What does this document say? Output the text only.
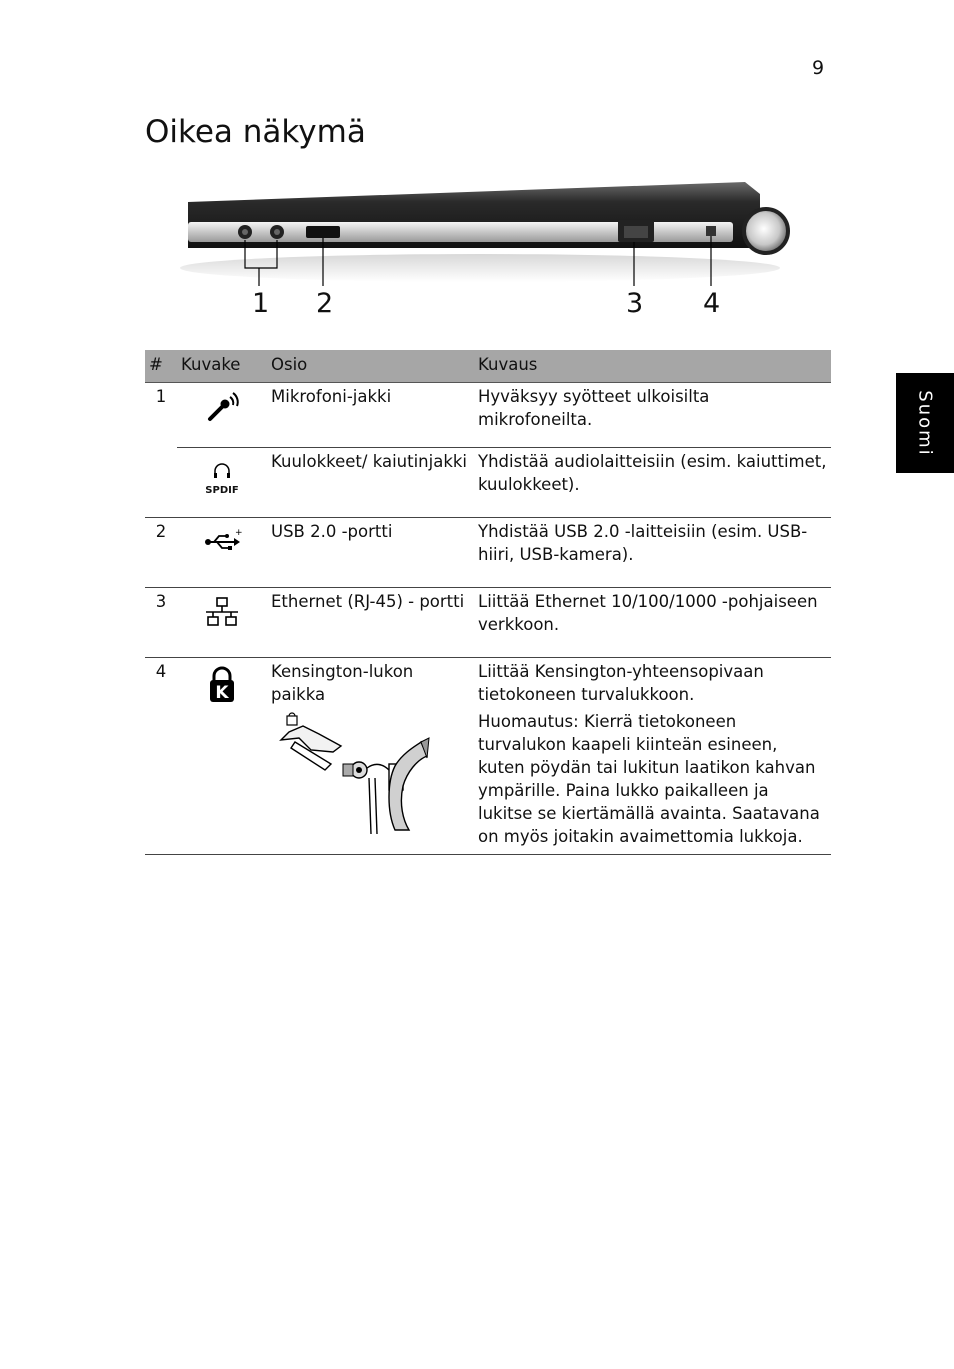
9
Oikea näkymä
Suomi
1 2	3 4
#	Kuvake	Osio	Kuvaus
1		Mikrofoni-jakki	Hyväksyy syötteet ulkoisilta mikrofoneilta.

	SPDIF	Kuulokkeet/ kaiutinjakki	Yhdistää audiolaitteisiin (esim. kaiuttimet, kuulokkeet).
2	+	USB 2.0 -portti	Yhdistää USB 2.0 -laitteisiin (esim. USB-hiiri, USB-kamera).
3		Ethernet (RJ-45) - portti	Liittää Ethernet 10/100/1000 -pohjaiseen verkkoon.
4	K	Kensington-lukon paikka	Liittää Kensington-yhteensopivaan tietokoneen turvalukkoon.

Huomautus: Kierrä tietokoneen turvalukon kaapeli kiinteän esineen, kuten pöydän tai lukitun laatikon kahvan ympärille. Paina lukko paikalleen ja lukitse se kiertämällä avainta. Saatavana on myös joitakin avaimettomia lukkoja.
